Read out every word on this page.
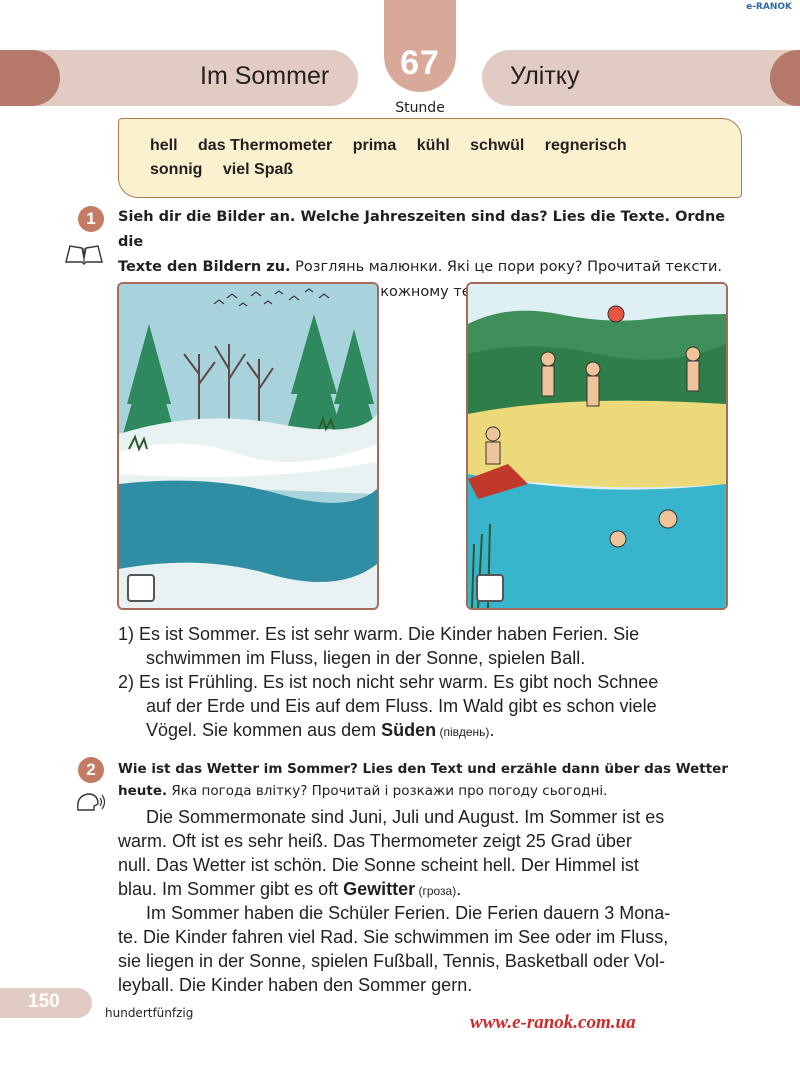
e-RANOK
Im Sommer	Улітку
67
Stunde
hell das Thermometer prima kühl schwül regnerisch
sonnig viel Spaß
1	Sieh dir die Bilder an. Welche Jahreszeiten sind das? Lies die Texte. Ordne die
Texte den Bildern zu. Розглянь малюнки. Які це пори року? Прочитай тексти.
кожному
1) Es ist Sommer. Es ist sehr warm. Die Kinder haben Ferien. Sie
schwimmen im Fluss, liegen in der Sonne, spielen Ball.
2) Es ist Frühling. Es ist noch nicht sehr warm. Es gibt noch Schnee
auf der Erde und Eis auf dem Fluss. Im Wald gibt es schon viele
Vögel. Sie kommen aus dem Süden (південь).
2	Wie ist das Wetter im Sommer? Lies den Text und erzähle dann über das Wetter
heute. Яка погода влітку? Прочитай і розкажи про погоду сьогодні.
Die Sommermonate sind Juni, Juli und August. Im Sommer ist es
warm. Oft ist es sehr heiß. Das Thermometer zeigt 25 Grad über
null. Das Wetter ist schön. Die Sonne scheint hell. Der Himmel ist
blau. Im Sommer gibt es oft Gewitter (гроза).
Im Sommer haben die Schüler Ferien. Die Ferien dauern 3 Mona-
te. Die Kinder fahren viel Rad. Sie schwimmen im See oder im Fluss,
sie liegen in der Sonne, spielen Fußball, Tennis, Basketball oder Vol-
leyball. Die Kinder haben den Sommer gern.
150
hundertfünfzig	www.e-ranok.com.ua
